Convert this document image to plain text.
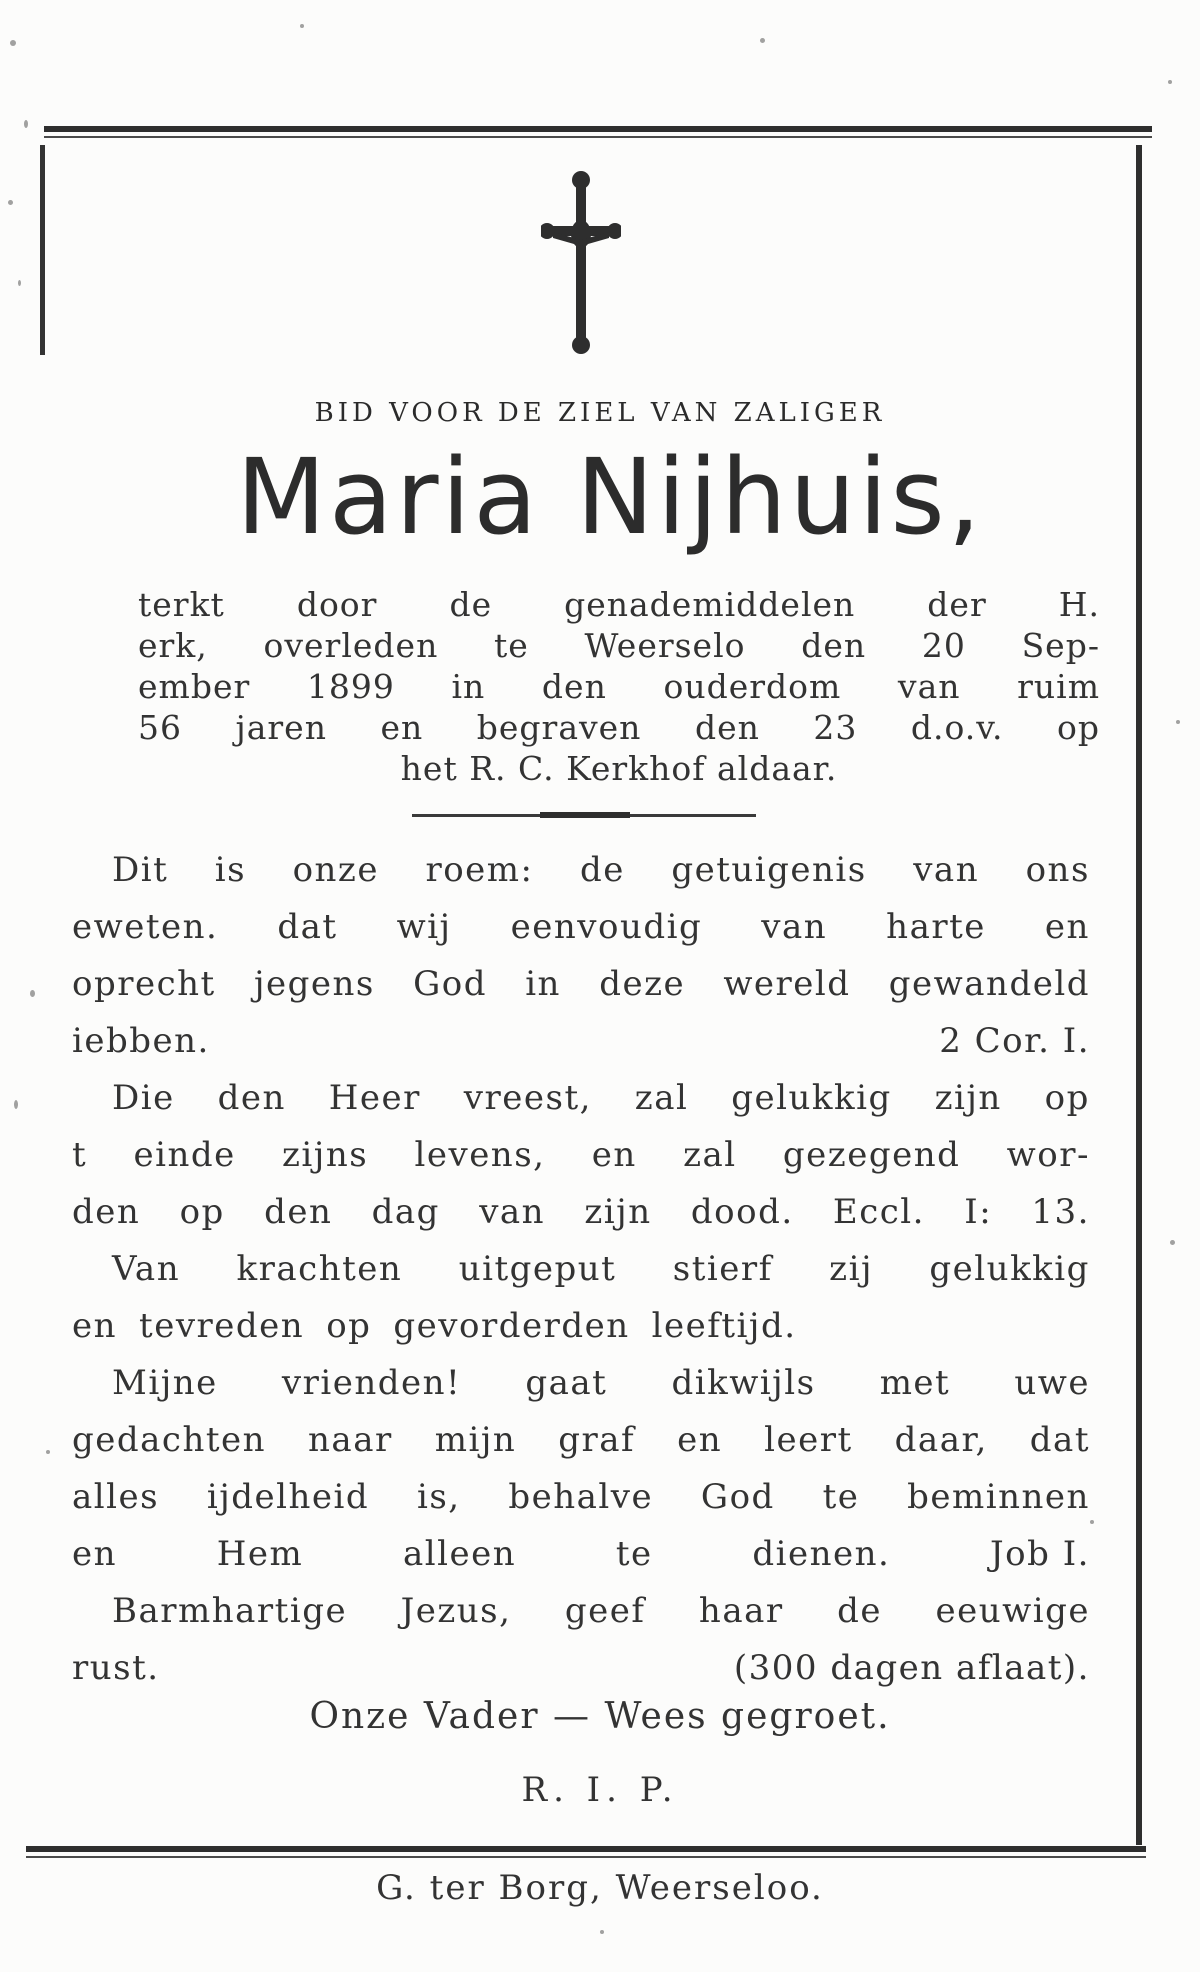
BID VOOR DE ZIEL VAN ZALIGER
Maria Nijhuis,
terkt door de genademiddelen der H.
erk, overleden te Weerselo den 20 Sep-
ember 1899 in den ouderdom van ruim
56 jaren en begraven den 23 d.o.v. op
het R. C. Kerkhof aldaar.
Dit is onze roem: de getuigenis van ons
eweten. dat wij eenvoudig van harte en
oprecht jegens God in deze wereld gewandeld
iebben.	2 Cor. I.
Die den Heer vreest, zal gelukkig zijn op
t einde zijns levens, en zal gezegend wor-
den op den dag van zijn dood. Eccl. I: 13.
Van krachten uitgeput stierf zij gelukkig
en tevreden op gevorderden leeftijd.
Mijne vrienden! gaat dikwijls met uwe
gedachten naar mijn graf en leert daar, dat
alles ijdelheid is, behalve God te beminnen
en	Hem	alleen	te	dienen.	Job I.
Barmhartige Jezus, geef haar de eeuwige
rust.	(300 dagen aflaat).
Onze Vader — Wees gegroet.
R. I. P.
G. ter Borg, Weerseloo.
